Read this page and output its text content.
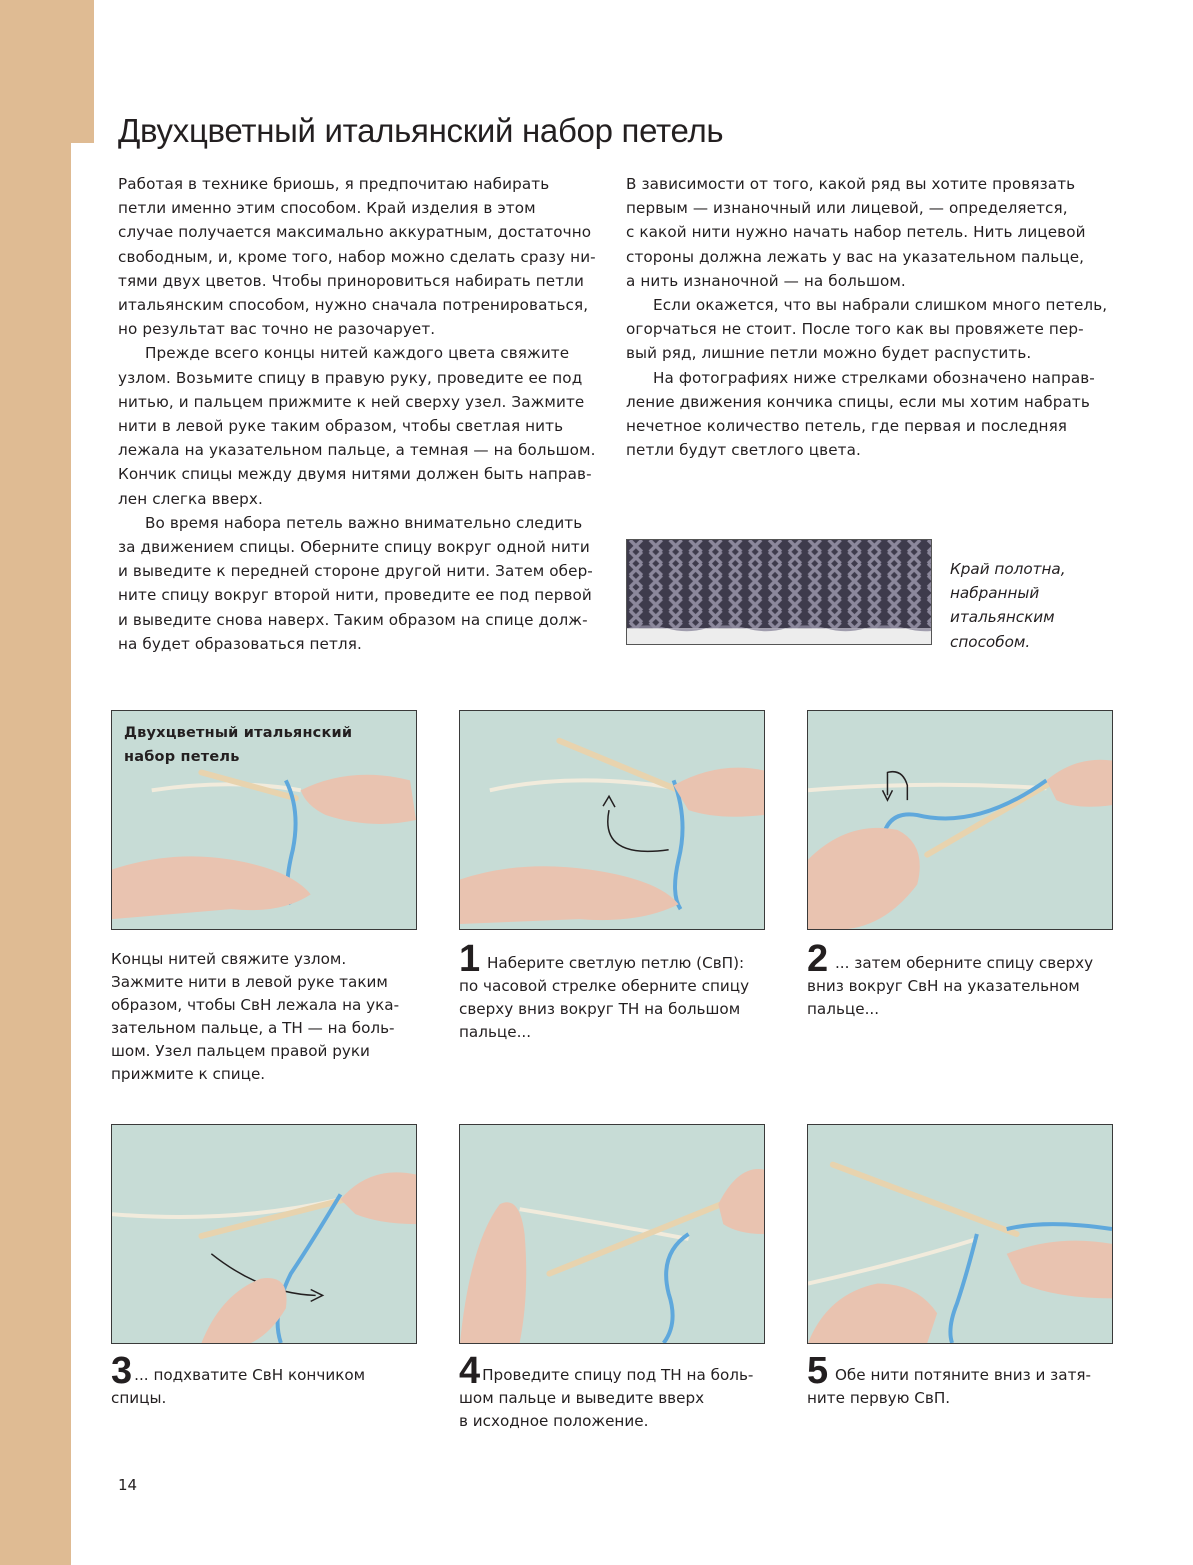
Двухцветный итальянский набор петель

Работая в технике бриошь, я предпочитаю набирать
петли именно этим способом. Край изделия в этом
случае получается максимально аккуратным, достаточно
свободным, и, кроме того, набор можно сделать сразу ни-
тями двух цветов. Чтобы приноровиться набирать петли
итальянским способом, нужно сначала потренироваться,
но результат вас точно не разочарует.

Прежде всего концы нитей каждого цвета свяжите
узлом. Возьмите спицу в правую руку, проведите ее под
нитью, и пальцем прижмите к ней сверху узел. Зажмите
нити в левой руке таким образом, чтобы светлая нить
лежала на указательном пальце, а темная — на большом.
Кончик спицы между двумя нитями должен быть направ-
лен слегка вверх.

Во время набора петель важно внимательно следить
за движением спицы. Оберните спицу вокруг одной нити
и выведите к передней стороне другой нити. Затем обер-
ните спицу вокруг второй нити, проведите ее под первой
и выведите снова наверх. Таким образом на спице долж-
на будет образоваться петля.

В зависимости от того, какой ряд вы хотите провязать
первым — изнаночный или лицевой, — определяется,
с какой нити нужно начать набор петель. Нить лицевой
стороны должна лежать у вас на указательном пальце,
а нить изнаночной — на большом.

Если окажется, что вы набрали слишком много петель,
огорчаться не стоит. После того как вы провяжете пер-
вый ряд, лишние петли можно будет распустить.

На фотографиях ниже стрелками обозначено направ-
ление движения кончика спицы, если мы хотим набрать
нечетное количество петель, где первая и последняя
петли будут светлого цвета.

Край полотна,
набранный
итальянским
способом.
Двухцветный итальянский
набор петель

Концы нитей свяжите узлом.
Зажмите нити в левой руке таким
образом, чтобы СвН лежала на ука-
зательном пальце, а ТН — на боль-
шом. Узел пальцем правой руки
прижмите к спице.

1 Наберите светлую петлю (СвП):
по часовой стрелке оберните спицу
сверху вниз вокруг ТН на большом
пальце...

2 ... затем оберните спицу сверху
вниз вокруг СвН на указательном
пальце...

3 ... подхватите СвН кончиком
спицы.

4 Проведите спицу под ТН на боль-
шом пальце и выведите вверх
в исходное положение.

5 Обе нити потяните вниз и затя-
ните первую СвП.

14
